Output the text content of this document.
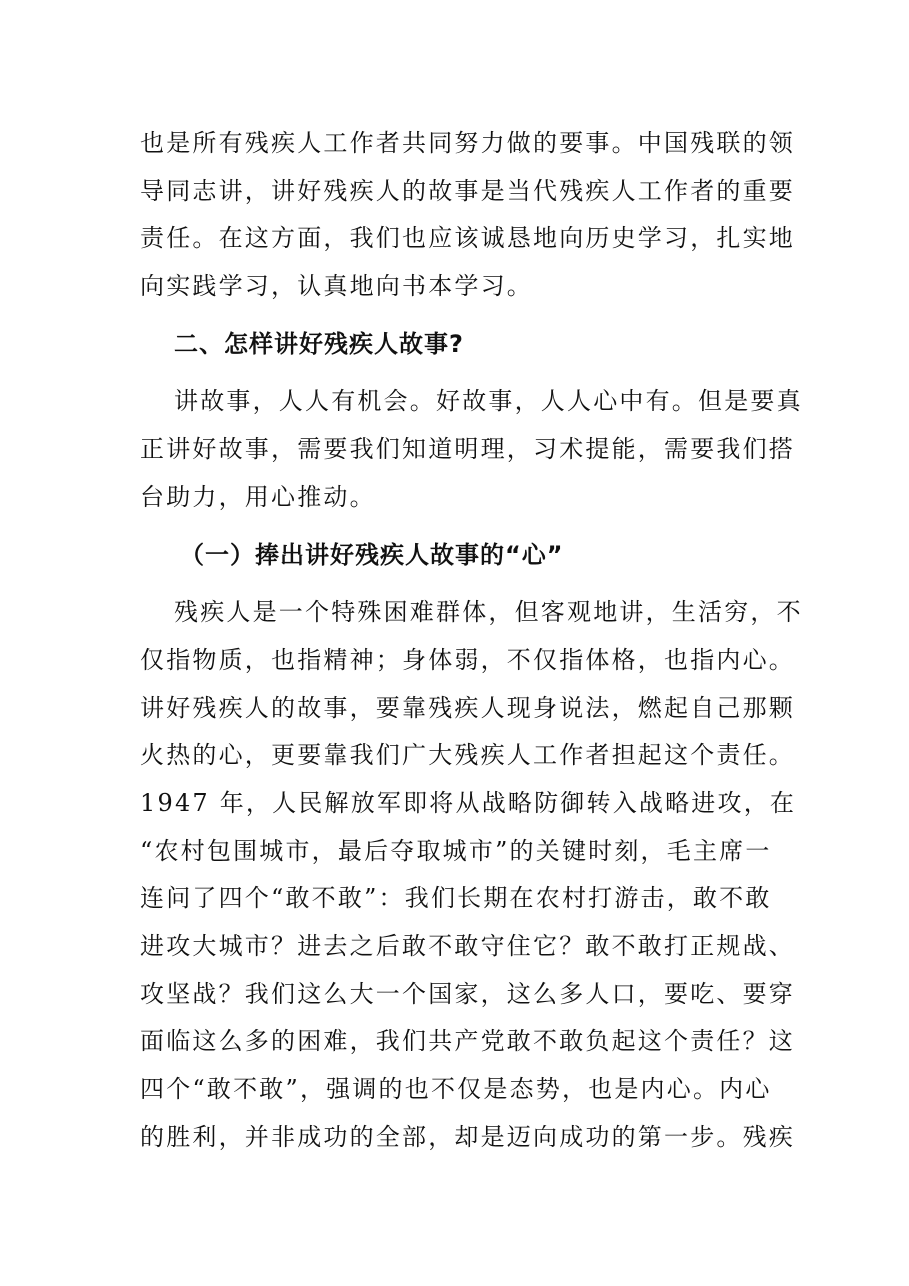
也是所有残疾人工作者共同努力做的要事。中国残联的领
导同志讲，讲好残疾人的故事是当代残疾人工作者的重要
责任。在这方面，我们也应该诚恳地向历史学习，扎实地
向实践学习，认真地向书本学习。
二、怎样讲好残疾人故事?
讲故事，人人有机会。好故事，人人心中有。但是要真
正讲好故事，需要我们知道明理，习术提能，需要我们搭
台助力，用心推动。
（一）捧出讲好残疾人故事的“心”
残疾人是一个特殊困难群体，但客观地讲，生活穷，不
仅指物质，也指精神；身体弱，不仅指体格，也指内心。
讲好残疾人的故事，要靠残疾人现身说法，燃起自己那颗
火热的心，更要靠我们广大残疾人工作者担起这个责任。
1947 年，人民解放军即将从战略防御转入战略进攻，在
“农村包围城市，最后夺取城市”的关键时刻，毛主席一
连问了四个“敢不敢”：我们长期在农村打游击，敢不敢
进攻大城市？进去之后敢不敢守住它？敢不敢打正规战、
攻坚战？我们这么大一个国家，这么多人口，要吃、要穿
面临这么多的困难，我们共产党敢不敢负起这个责任？这
四个“敢不敢”，强调的也不仅是态势，也是内心。内心
的胜利，并非成功的全部，却是迈向成功的第一步。残疾
